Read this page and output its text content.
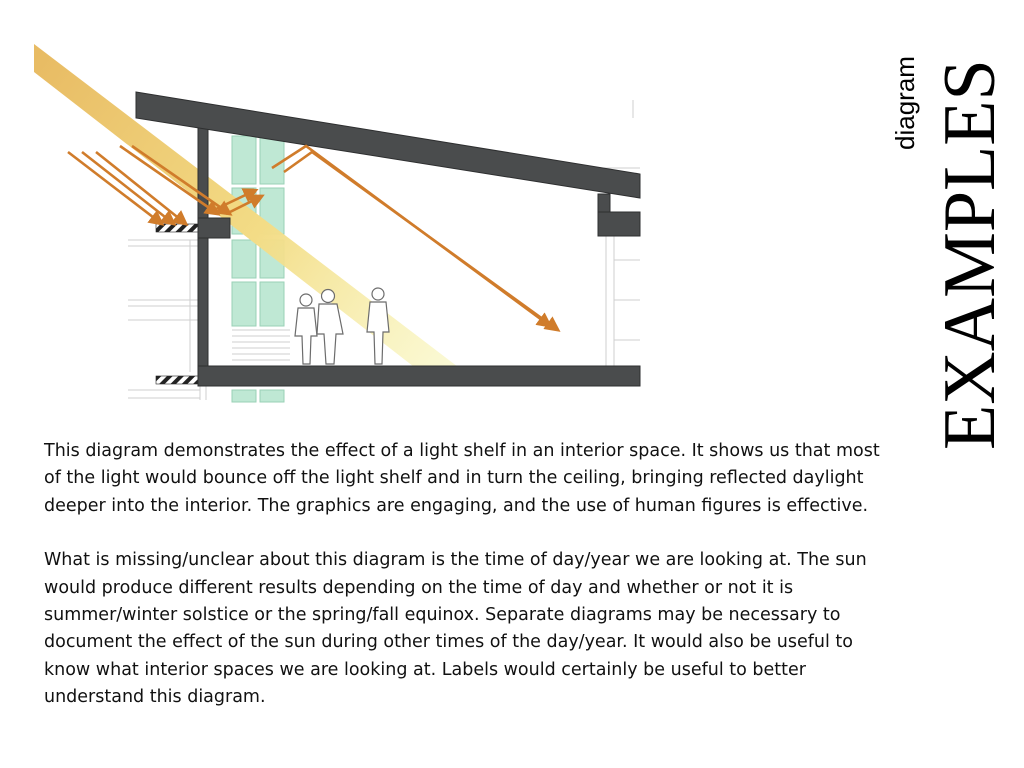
diagram EXAMPLES

This diagram demonstrates the effect of a light shelf in an interior space. It shows us that most of the light would bounce off the light shelf and in turn the ceiling, bringing reflected daylight deeper into the interior. The graphics are engaging, and the use of human figures is effective.

What is missing/unclear about this diagram is the time of day/year we are looking at. The sun would produce different results depending on the time of day and whether or not it is summer/winter solstice or the spring/fall equinox. Separate diagrams may be necessary to document the effect of the sun during other times of the day/year. It would also be useful to know what interior spaces we are looking at. Labels would certainly be useful to better understand this diagram.
